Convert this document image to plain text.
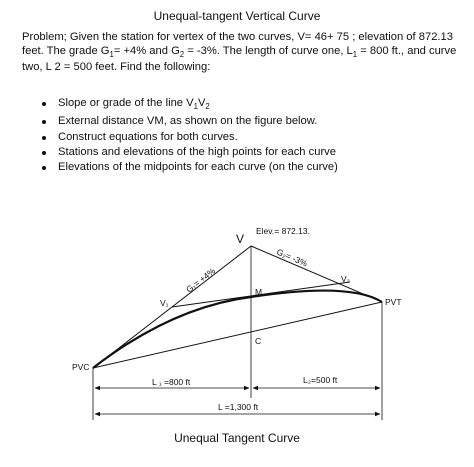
Unequal-tangent Vertical Curve
Problem; Given the station for vertex of the two curves, V= 46+ 75 ; elevation of 872.13
feet. The grade $G_1= +4\%$ and $G_2 = -3\%$. The length of curve one, $L_1 = 800$ ft., and curve
two, L 2 = 500 feet. Find the following:
Slope or grade of the line $V_1V_2$
External distance VM, as shown on the figure below.
Construct equations for both curves.
Stations and elevations of the high points for each curve
Elevations of the midpoints for each curve (on the curve)
V
Elev.= 872.13.
G₂= -3%
G₁= +4%
V₁
V₂
M
C
PVC
PVT
L ₁ =800 ft	L₂=500 ft
L =1,300 ft
Unequal Tangent Curve
